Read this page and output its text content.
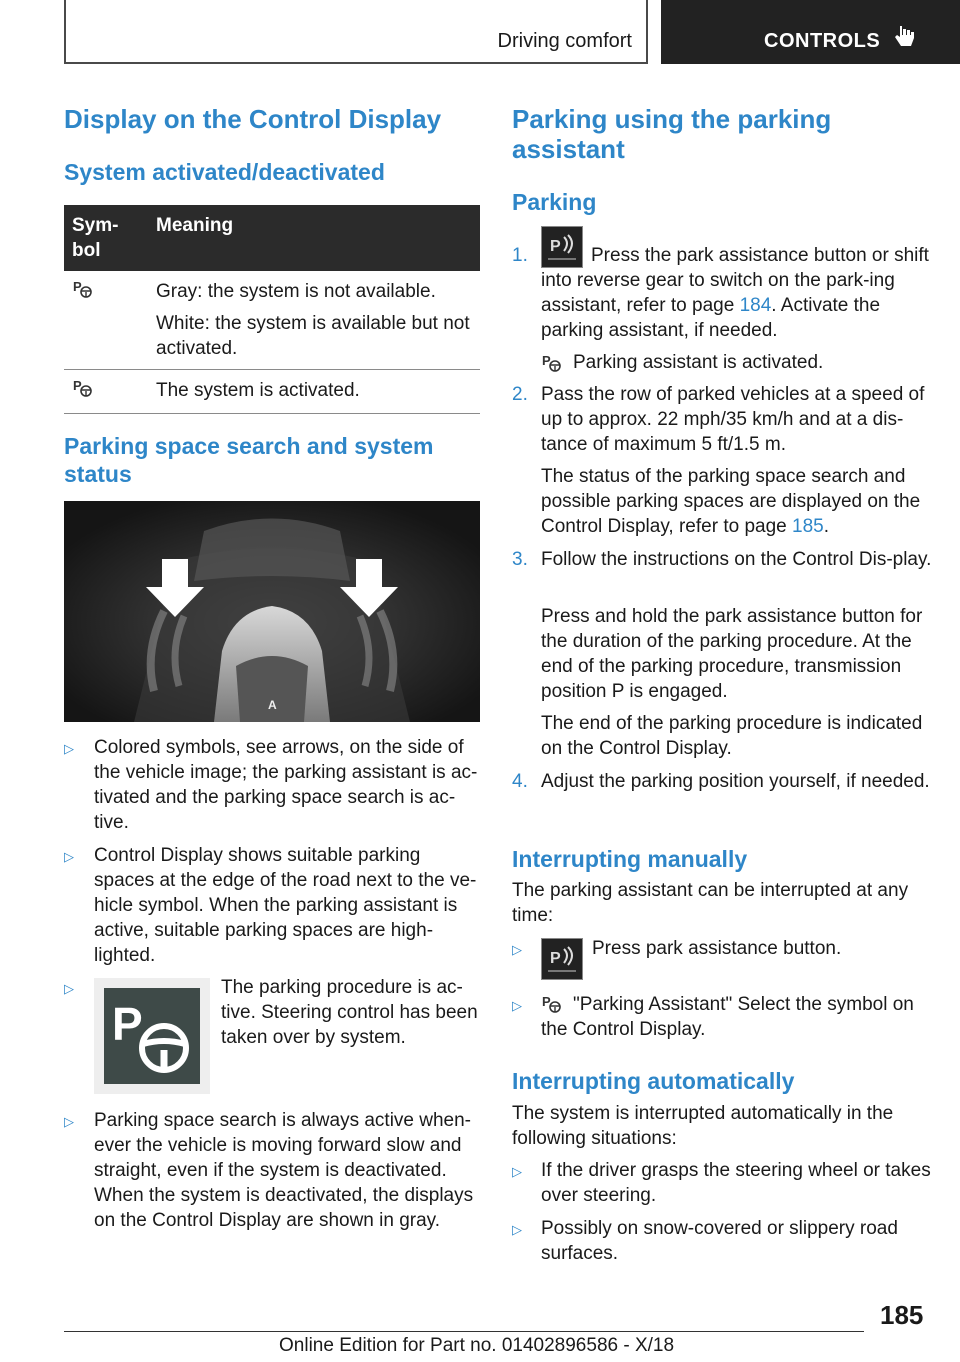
Driving comfort	CONTROLS
Display on the Control Display
System activated/deactivated
Sym-
bol	Meaning

P	Gray: the system is not available.

White: the system is available but not activated.

P	The system is activated.
Parking space search and system status
A
▷ Colored symbols, see arrows, on the side of the vehicle image; the parking assistant is ac-tivated and the parking space search is ac-tive.

▷ Control Display shows suitable parking spaces at the edge of the road next to the ve-hicle symbol. When the parking assistant is active, suitable parking spaces are high-lighted.

▷
P

The parking procedure is ac-tive. Steering control has been taken over by system.

▷ Parking space search is always active when-ever the vehicle is moving forward slow and straight, even if the system is deactivated. When the system is deactivated, the displays on the Control Display are shown in gray.

Parking using the parking assistant
Parking
1. P	Press the park assistance button or shift into reverse gear to switch on the park-ing assistant, refer to page 184. Activate the parking assistant, if needed.

P Parking assistant is activated.

2. Pass the row of parked vehicles at a speed of up to approx. 22 mph/35 km/h and at a dis-tance of maximum 5 ft/1.5 m.

The status of the parking space search and possible parking spaces are displayed on the Control Display, refer to page 185.

3. Follow the instructions on the Control Dis-play.

Press and hold the park assistance button for the duration of the parking procedure. At the end of the parking procedure, transmission position P is engaged.

The end of the parking procedure is indicated on the Control Display.

4. Adjust the parking position yourself, if needed.

Interrupting manually

The parking assistant can be interrupted at any time:

▷
P Press park assistance button.

▷ P	"Parking Assistant" Select the symbol on the Control Display.

Interrupting automatically

The system is interrupted automatically in the following situations:

▷ If the driver grasps the steering wheel or takes over steering.

▷ Possibly on snow-covered or slippery road surfaces.

185
Online Edition for Part no. 01402896586 - X/18
